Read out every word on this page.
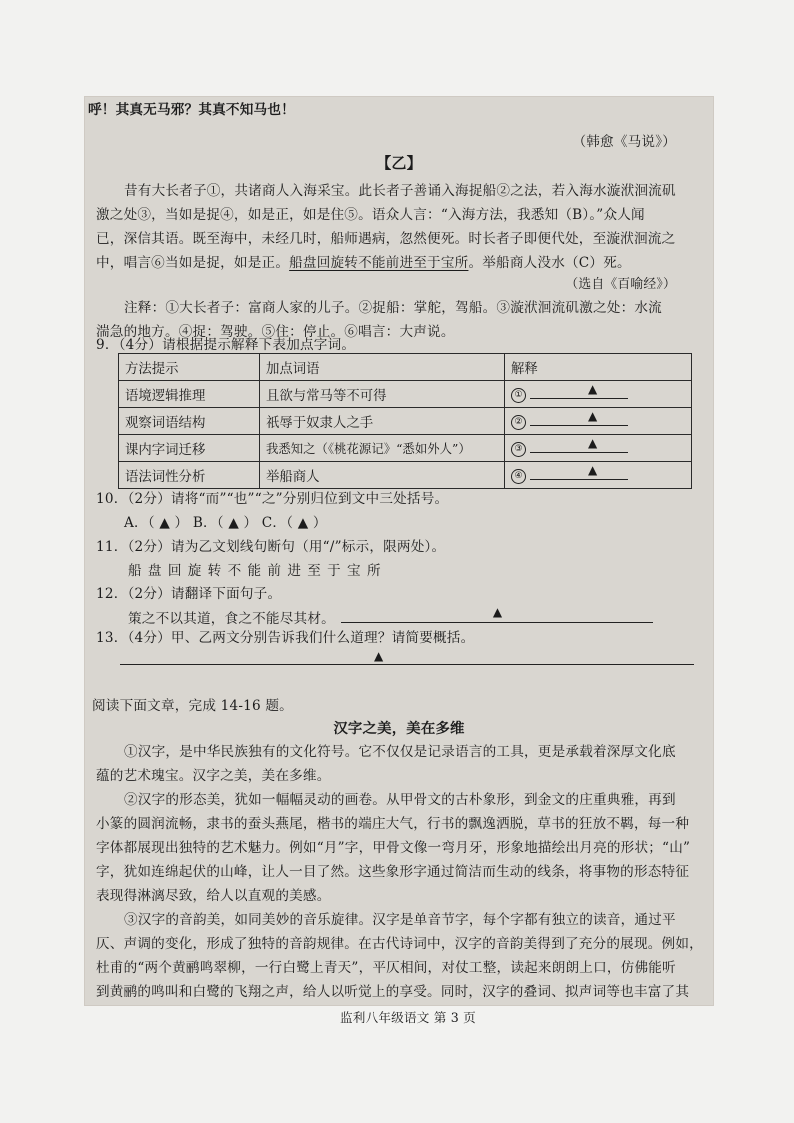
呼！其真无马邪？其真不知马也！
（韩愈《马说》）
【乙】
昔有大长者子①，共诸商人入海采宝。此长者子善诵入海捉船②之法，若入海水漩洑洄流矶
激之处③，当如是捉④，如是正，如是住⑤。语众人言：“入海方法，我悉知（B）。”众人闻
已，深信其语。既至海中，未经几时，船师遇病，忽然便死。时长者子即便代处，至漩洑洄流之
中，唱言⑥当如是捉，如是正。船盘回旋转不能前进至于宝所。举船商人没水（C）死。
（选自《百喻经》）
注释：①大长者子：富商人家的儿子。②捉船：掌舵，驾船。③漩洑洄流矶激之处：水流
湍急的地方。④捉：驾驶。⑤住：停止。⑥唱言：大声说。
9．（4分）请根据提示解释下表加点字词。
方法提示	加点词语	解释
语境逻辑推理	且欲与常马等不可得	① ▲

观察词语结构	祇辱于奴隶人之手	② ▲

课内字词迁移	我悉知之（《桃花源记》“悉如外人”）	③ ▲

语法词性分析	举船商人	④ ▲
10．（2分）请将“而”“也”“之”分别归位到文中三处括号。
A．（ ▲ ） B．（ ▲ ） C．（ ▲ ）
11．（2分）请为乙文划线句断句（用“/”标示，限两处）。
船 盘 回 旋 转 不 能 前 进 至 于 宝 所
12．（2分）请翻译下面句子。
策之不以其道，食之不能尽其材。	▲
13．（4分）甲、乙两文分别告诉我们什么道理？请简要概括。
▲
阅读下面文章，完成 14-16 题。
汉字之美，美在多维
①汉字，是中华民族独有的文化符号。它不仅仅是记录语言的工具，更是承载着深厚文化底
蕴的艺术瑰宝。汉字之美，美在多维。
②汉字的形态美，犹如一幅幅灵动的画卷。从甲骨文的古朴象形，到金文的庄重典雅，再到
小篆的圆润流畅，隶书的蚕头燕尾，楷书的端庄大气，行书的飘逸洒脱，草书的狂放不羁，每一种
字体都展现出独特的艺术魅力。例如“月”字，甲骨文像一弯月牙，形象地描绘出月亮的形状；“山”
字，犹如连绵起伏的山峰，让人一目了然。这些象形字通过简洁而生动的线条，将事物的形态特征
表现得淋漓尽致，给人以直观的美感。
③汉字的音韵美，如同美妙的音乐旋律。汉字是单音节字，每个字都有独立的读音，通过平
仄、声调的变化，形成了独特的音韵规律。在古代诗词中，汉字的音韵美得到了充分的展现。例如，
杜甫的“两个黄鹂鸣翠柳，一行白鹭上青天”，平仄相间，对仗工整，读起来朗朗上口，仿佛能听
到黄鹂的鸣叫和白鹭的飞翔之声，给人以听觉上的享受。同时，汉字的叠词、拟声词等也丰富了其
监利八年级语文 第 3 页
